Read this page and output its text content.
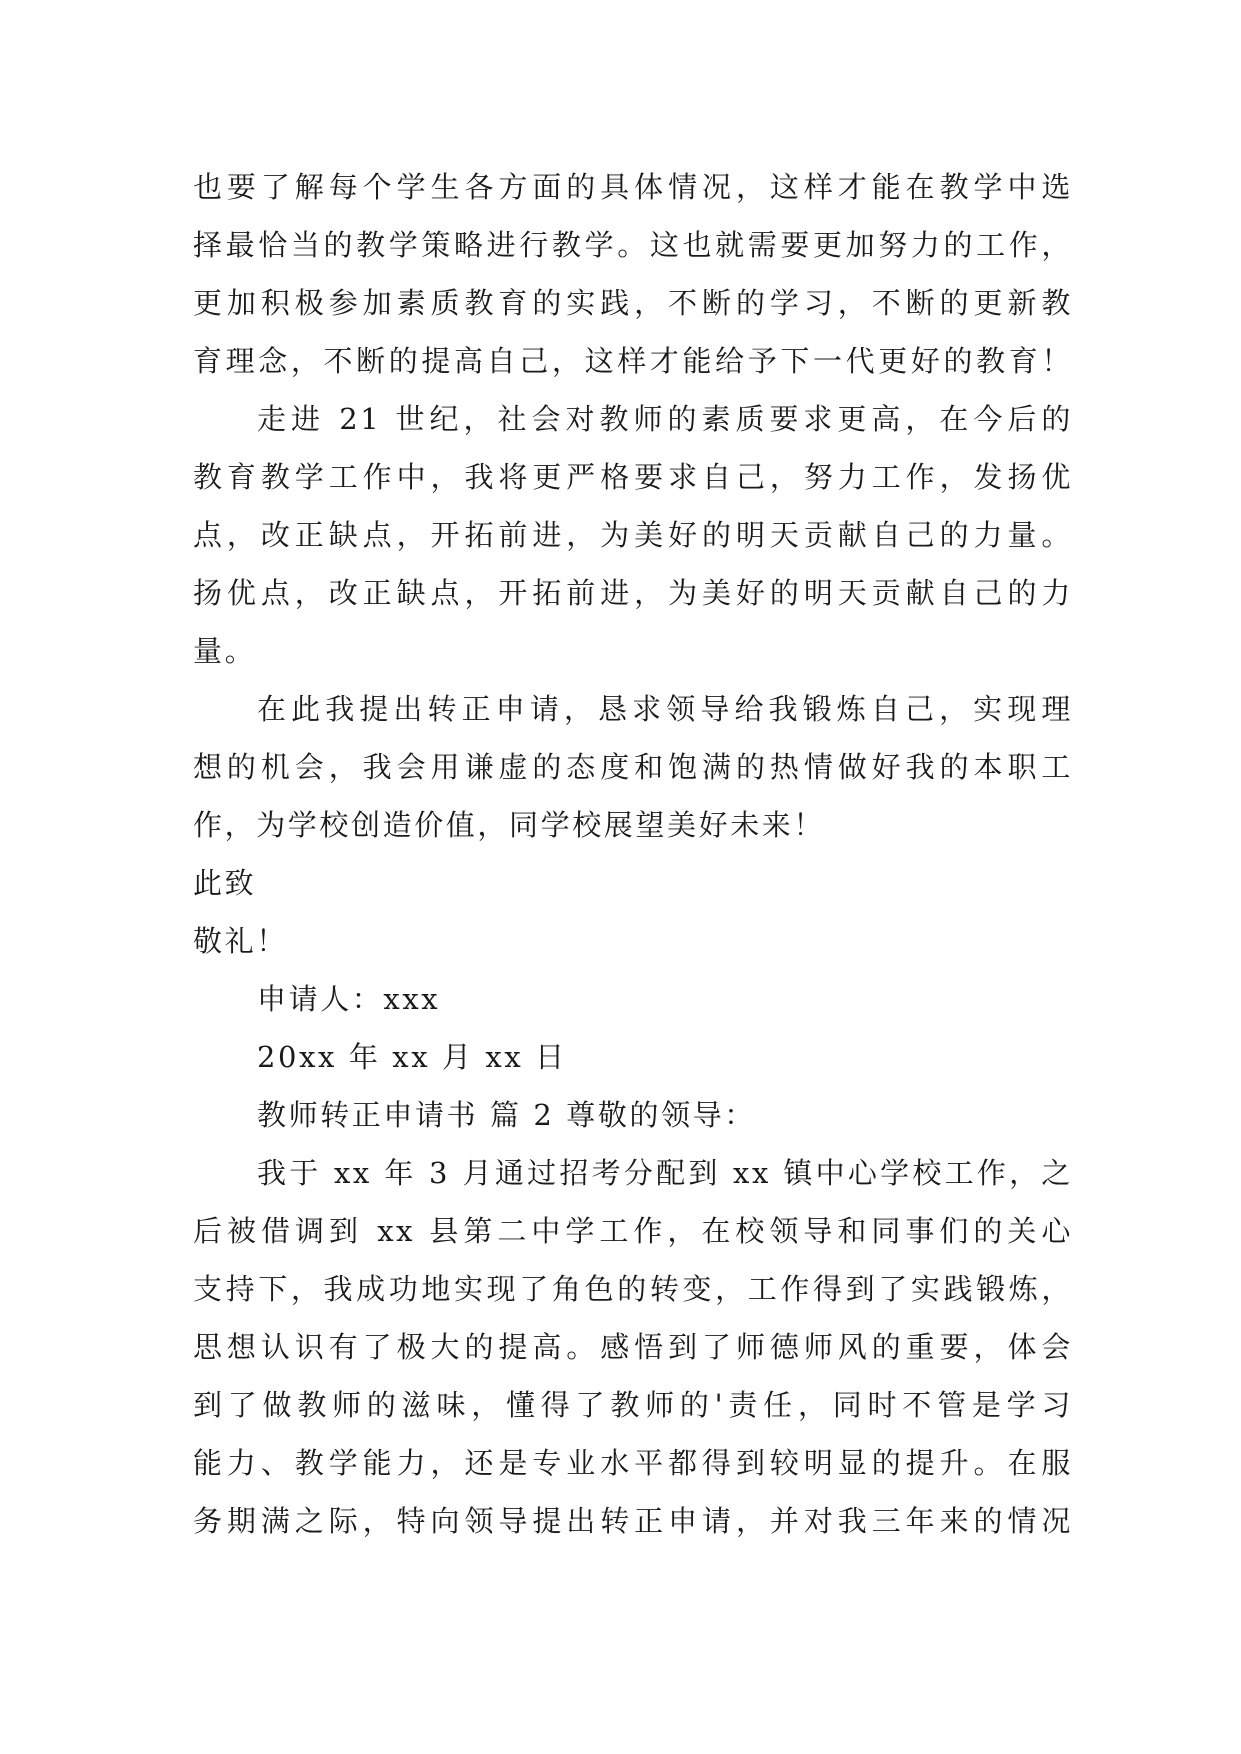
也要了解每个学生各方面的具体情况，这样才能在教学中选
择最恰当的教学策略进行教学。这也就需要更加努力的工作，
更加积极参加素质教育的实践，不断的学习，不断的更新教
育理念，不断的提高自己，这样才能给予下一代更好的教育！
走进 21 世纪，社会对教师的素质要求更高，在今后的
教育教学工作中，我将更严格要求自己，努力工作，发扬优
点，改正缺点，开拓前进，为美好的明天贡献自己的力量。
扬优点，改正缺点，开拓前进，为美好的明天贡献自己的力
量。
在此我提出转正申请，恳求领导给我锻炼自己，实现理
想的机会，我会用谦虚的态度和饱满的热情做好我的本职工
作，为学校创造价值，同学校展望美好未来！
此致
敬礼！
申请人：xxx
20xx 年 xx 月 xx 日
教师转正申请书 篇 2 尊敬的领导：
我于 xx 年 3 月通过招考分配到 xx 镇中心学校工作，之
后被借调到 xx 县第二中学工作，在校领导和同事们的关心
支持下，我成功地实现了角色的转变，工作得到了实践锻炼，
思想认识有了极大的提高。感悟到了师德师风的重要，体会
到了做教师的滋味，懂得了教师的'责任，同时不管是学习
能力、教学能力，还是专业水平都得到较明显的提升。在服
务期满之际，特向领导提出转正申请，并对我三年来的情况
